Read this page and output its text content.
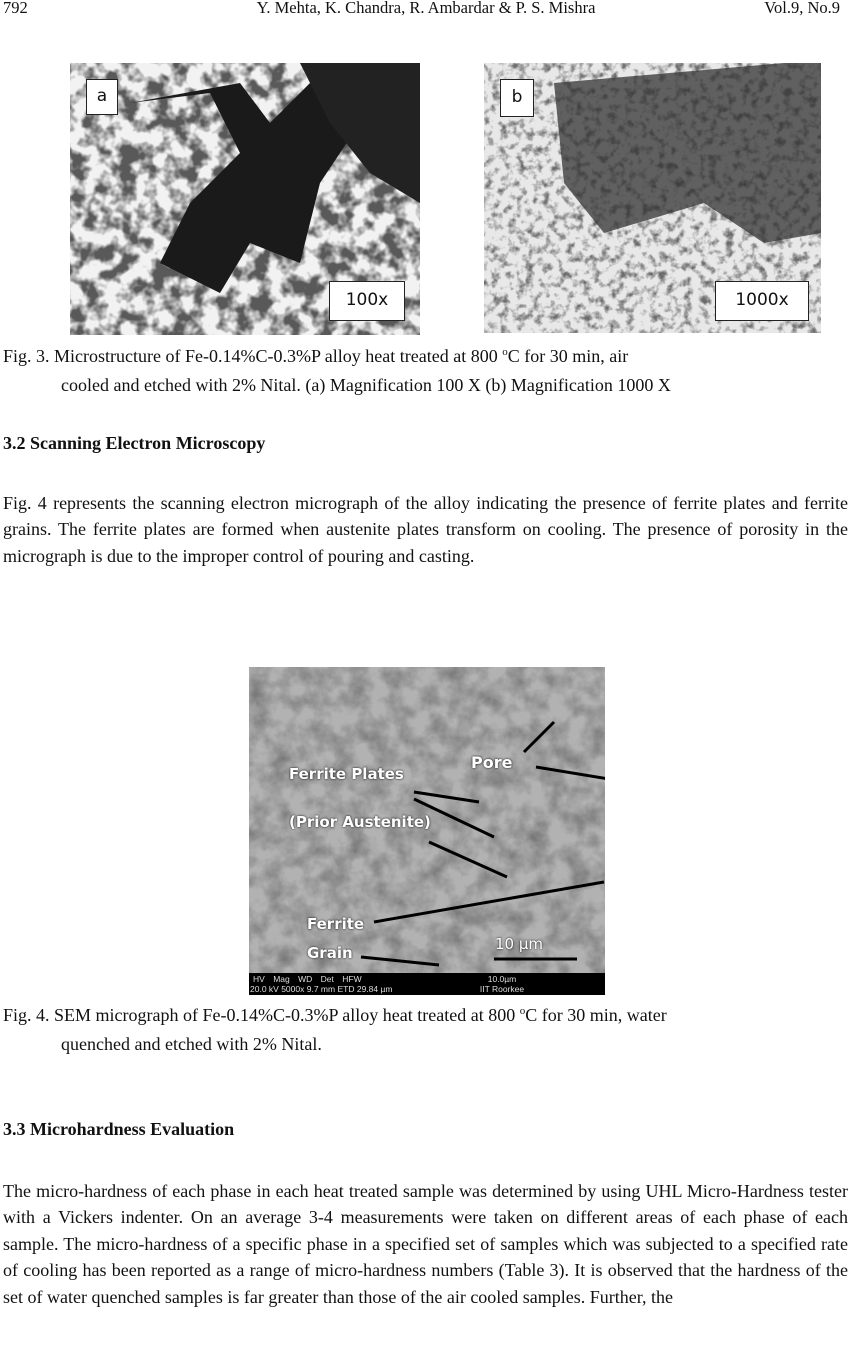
792	Y. Mehta, K. Chandra, R. Ambardar & P. S. Mishra	Vol.9, No.9
a
100x
b
1000x
Fig. 3. Microstructure of Fe-0.14%C-0.3%P alloy heat treated at 800 $^o$C for 30 min, air
cooled and etched with 2% Nital. (a) Magnification 100 X (b) Magnification 1000 X
3.2 Scanning Electron Microscopy
Fig. 4 represents the scanning electron micrograph of the alloy indicating the presence of ferrite plates and ferrite grains. The ferrite plates are formed when austenite plates transform on cooling. The presence of porosity in the micrograph is due to the improper control of pouring and casting.
Ferrite Plates
(Prior Austenite)
Pore
Ferrite
Grain	10 µm
HV Mag WD Det HFW
20.0 kV 5000x 9.7 mm ETD 29.84 µm
10.0µm
IIT Roorkee
Fig. 4. SEM micrograph of Fe-0.14%C-0.3%P alloy heat treated at 800 $^o$C for 30 min, water
quenched and etched with 2% Nital.
3.3 Microhardness Evaluation
The micro-hardness of each phase in each heat treated sample was determined by using UHL Micro-Hardness tester with a Vickers indenter. On an average 3-4 measurements were taken on different areas of each phase of each sample. The micro-hardness of a specific phase in a specified set of samples which was subjected to a specified rate of cooling has been reported as a range of micro-hardness numbers (Table 3). It is observed that the hardness of the set of water quenched samples is far greater than those of the air cooled samples. Further, the
